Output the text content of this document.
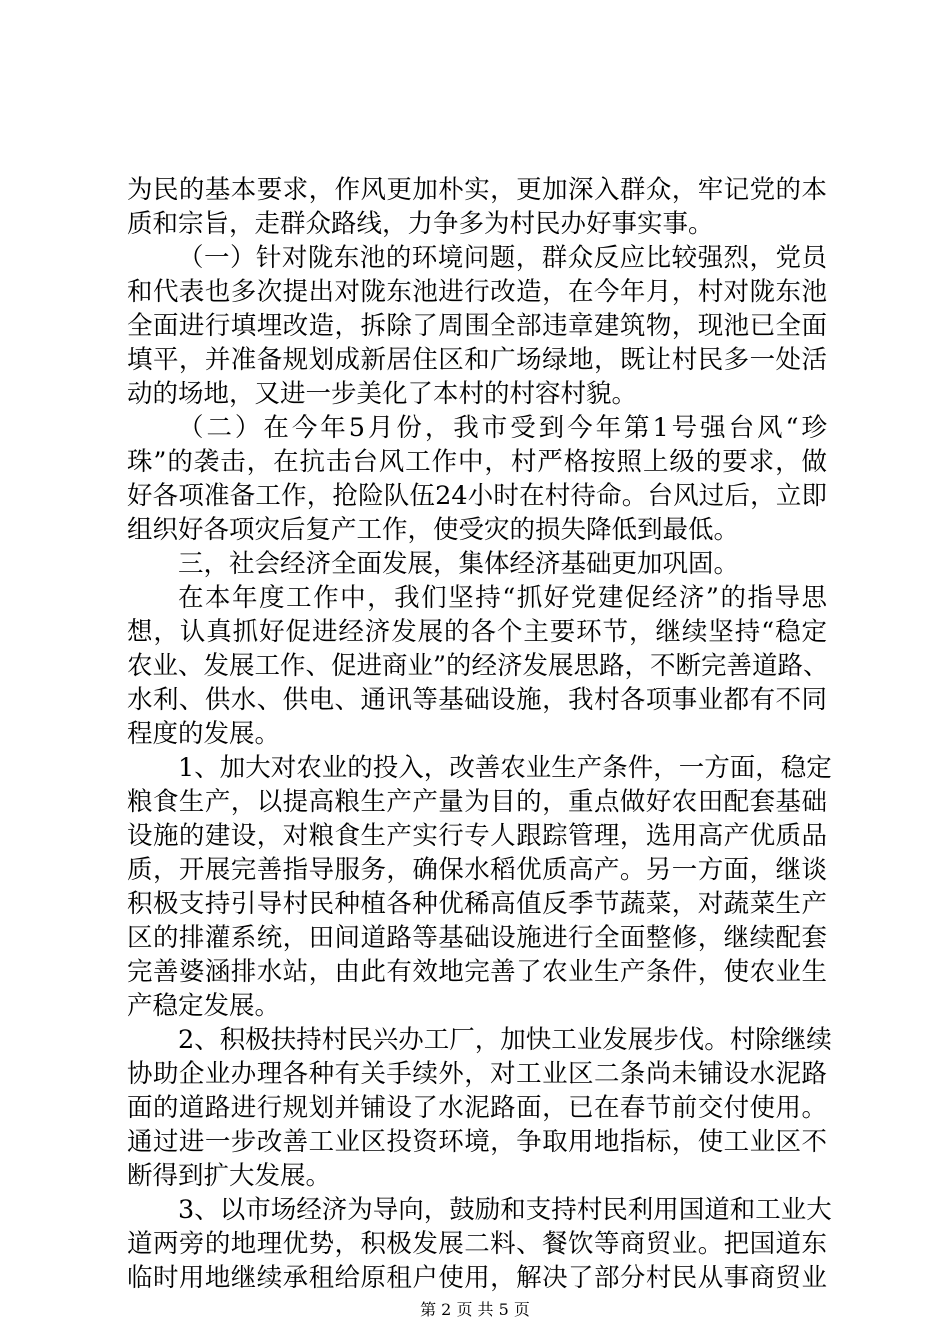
为民的基本要求，作风更加朴实，更加深入群众，牢记党的本
质和宗旨，走群众路线，力争多为村民办好事实事。
（一）针对陇东池的环境问题，群众反应比较强烈，党员
和代表也多次提出对陇东池进行改造，在今年月，村对陇东池
全面进行填埋改造，拆除了周围全部违章建筑物，现池已全面
填平，并准备规划成新居住区和广场绿地，既让村民多一处活
动的场地，又进一步美化了本村的村容村貌。
（二）在今年5月份，我市受到今年第1号强台风“珍
珠”的袭击，在抗击台风工作中，村严格按照上级的要求，做
好各项准备工作，抢险队伍24小时在村待命。台风过后，立即
组织好各项灾后复产工作，使受灾的损失降低到最低。
三，社会经济全面发展，集体经济基础更加巩固。
在本年度工作中，我们坚持“抓好党建促经济”的指导思
想，认真抓好促进经济发展的各个主要环节，继续坚持“稳定
农业、发展工作、促进商业”的经济发展思路，不断完善道路、
水利、供水、供电、通讯等基础设施，我村各项事业都有不同
程度的发展。
1、加大对农业的投入，改善农业生产条件，一方面，稳定
粮食生产，以提高粮生产产量为目的，重点做好农田配套基础
设施的建设，对粮食生产实行专人跟踪管理，选用高产优质品
质，开展完善指导服务，确保水稻优质高产。另一方面，继谈
积极支持引导村民种植各种优稀高值反季节蔬菜，对蔬菜生产
区的排灌系统，田间道路等基础设施进行全面整修，继续配套
完善婆涵排水站，由此有效地完善了农业生产条件，使农业生
产稳定发展。
2、积极扶持村民兴办工厂，加快工业发展步伐。村除继续
协助企业办理各种有关手续外，对工业区二条尚未铺设水泥路
面的道路进行规划并铺设了水泥路面，已在春节前交付使用。
通过进一步改善工业区投资环境，争取用地指标，使工业区不
断得到扩大发展。
3、以市场经济为导向，鼓励和支持村民利用国道和工业大
道两旁的地理优势，积极发展二料、餐饮等商贸业。把国道东
临时用地继续承租给原租户使用，解决了部分村民从事商贸业
第 2 页 共 5 页
